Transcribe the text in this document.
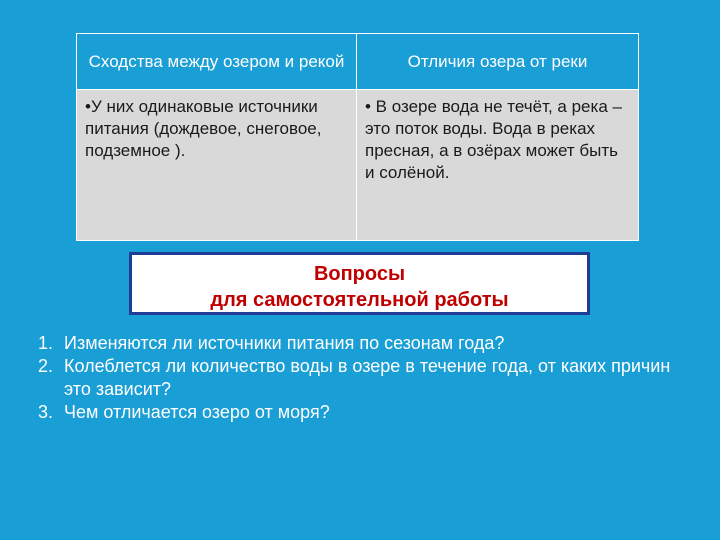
Сходства между озером и рекой	Отличия озера от реки
•У них одинаковые источники питания (дождевое, снеговое, подземное ).	• В озере вода не течёт, а река – это поток воды. Вода в реках пресная, а в озёрах может быть и солёной.
Вопросы
для самостоятельной работы
1. Изменяются ли источники питания по сезонам года?
2. Колеблется ли количество воды в озере в течение года, от каких причин это зависит?
3. Чем отличается озеро от моря?
